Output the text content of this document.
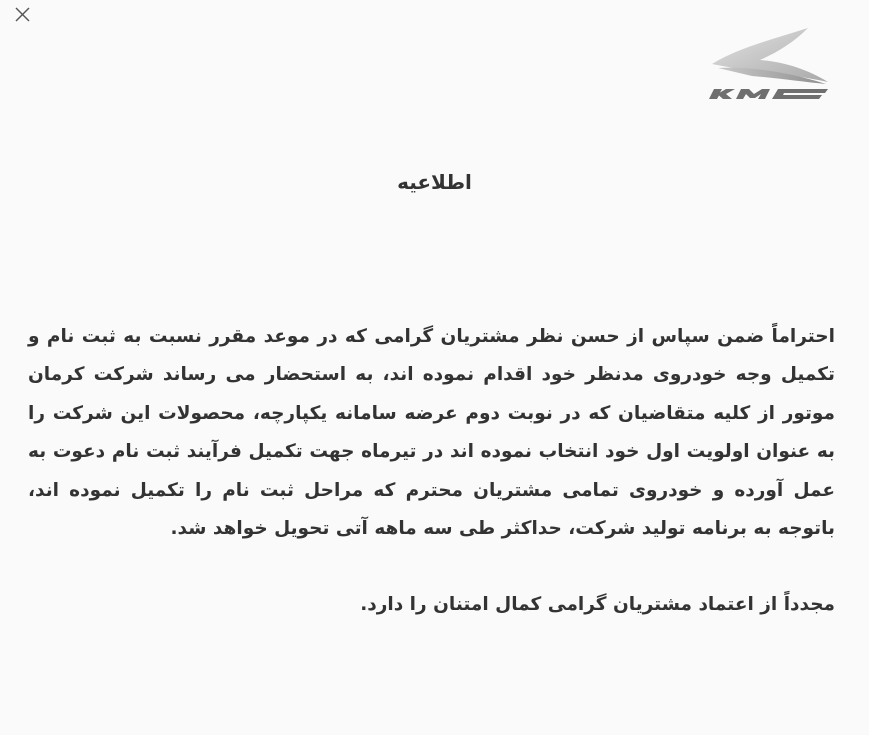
اطلاعیه
احتراماً ضمن سپاس از حسن نظر مشتریان گرامی که در موعد مقرر نسبت به ثبت نام و تکمیل وجه خودروی مدنظر خود اقدام نموده اند، به استحضار می رساند شرکت کرمان موتور از کلیه متقاضیان که در نوبت دوم عرضه سامانه یکپارچه، محصولات این شرکت را به عنوان اولویت اول خود انتخاب نموده اند در تیرماه جهت تکمیل فرآیند ثبت نام دعوت به عمل آورده و خودروی تمامی مشتریان محترم که مراحل ثبت نام را تکمیل نموده اند، باتوجه به برنامه تولید شرکت، حداکثر طی سه ماهه آتی تحویل خواهد شد.
مجدداً از اعتماد مشتریان گرامی کمال امتنان را دارد.
